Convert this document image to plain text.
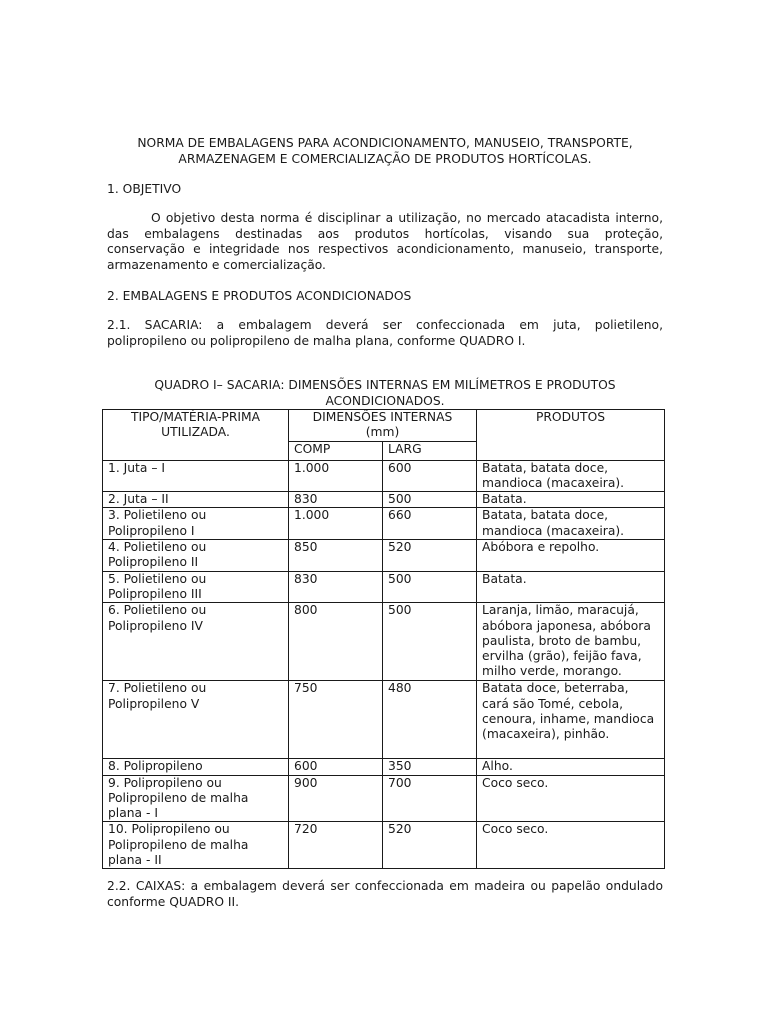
NORMA DE EMBALAGENS PARA ACONDICIONAMENTO, MANUSEIO, TRANSPORTE,
ARMAZENAGEM E COMERCIALIZAÇÃO DE PRODUTOS HORTÍCOLAS.
1. OBJETIVO
O objetivo desta norma é disciplinar a utilização, no mercado atacadista interno,
das embalagens destinadas aos produtos hortícolas, visando sua proteção,
conservação e integridade nos respectivos acondicionamento, manuseio, transporte,
armazenamento e comercialização.
2. EMBALAGENS E PRODUTOS ACONDICIONADOS
2.1. SACARIA: a embalagem deverá ser confeccionada em juta, polietileno,
polipropileno ou polipropileno de malha plana, conforme QUADRO I.
QUADRO I– SACARIA: DIMENSÕES INTERNAS EM MILÍMETROS E PRODUTOS
ACONDICIONADOS.
TIPO/MATÉRIA-PRIMA UTILIZADA.	DIMENSÕES INTERNAS (mm)		PRODUTOS
	COMP	LARG	
1. Juta – I	1.000	600	Batata, batata doce, mandioca (macaxeira).
2. Juta – II	830	500	Batata.
3. Polietileno ou Polipropileno I	1.000	660	Batata, batata doce, mandioca (macaxeira).
4. Polietileno ou Polipropileno II	850	520	Abóbora e repolho.
5. Polietileno ou Polipropileno III	830	500	Batata.
6. Polietileno ou Polipropileno IV	800	500	Laranja, limão, maracujá, abóbora japonesa, abóbora paulista, broto de bambu, ervilha (grão), feijão fava, milho verde, morango.
7. Polietileno ou Polipropileno V	750	480	Batata doce, beterraba, cará são Tomé, cebola, cenoura, inhame, mandioca (macaxeira), pinhão.
8. Polipropileno	600	350	Alho.
9. Polipropileno ou Polipropileno de malha plana - I	900	700	Coco seco.
10. Polipropileno ou Polipropileno de malha plana - II	720	520	Coco seco.
2.2. CAIXAS: a embalagem deverá ser confeccionada em madeira ou papelão ondulado
conforme QUADRO II.
